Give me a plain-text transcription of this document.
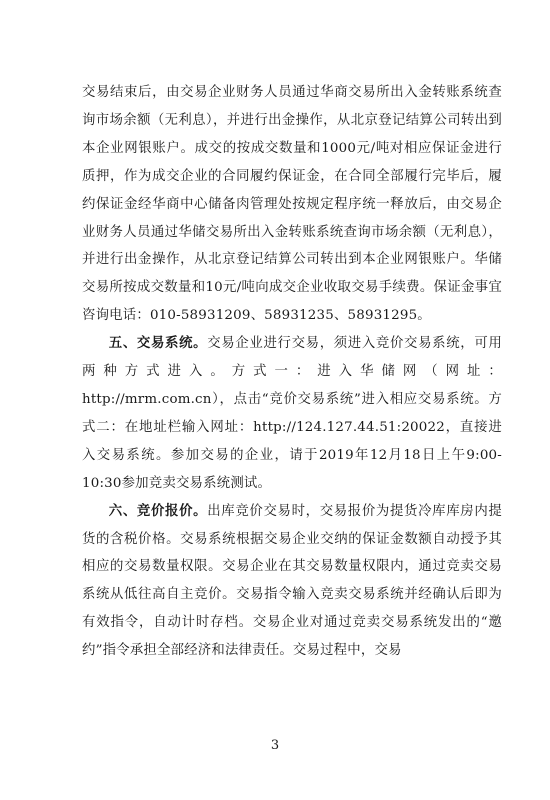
交易结束后，由交易企业财务人员通过华商交易所出入金转账系统查询市场余额（无利息），并进行出金操作，从北京登记结算公司转出到本企业网银账户。成交的按成交数量和1000元/吨对相应保证金进行质押，作为成交企业的合同履约保证金，在合同全部履行完毕后，履约保证金经华商中心储备肉管理处按规定程序统一释放后，由交易企业财务人员通过华储交易所出入金转账系统查询市场余额（无利息），并进行出金操作，从北京登记结算公司转出到本企业网银账户。华储交易所按成交数量和10元/吨向成交企业收取交易手续费。保证金事宜咨询电话：010-58931209、58931235、58931295。

五、交易系统。交易企业进行交易，须进入竞价交易系统，可用两种方式进入。方式一：进入华储网（网址：http://mrm.com.cn），点击“竞价交易系统”进入相应交易系统。方式二：在地址栏输入网址：http://124.127.44.51:20022，直接进入交易系统。参加交易的企业，请于2019年12月18日上午9:00-10:30参加竞卖交易系统测试。

六、竞价报价。出库竞价交易时，交易报价为提货冷库库房内提货的含税价格。交易系统根据交易企业交纳的保证金数额自动授予其相应的交易数量权限。交易企业在其交易数量权限内，通过竞卖交易系统从低往高自主竞价。交易指令输入竞卖交易系统并经确认后即为有效指令，自动计时存档。交易企业对通过竞卖交易系统发出的“邀约”指令承担全部经济和法律责任。交易过程中，交易

3
